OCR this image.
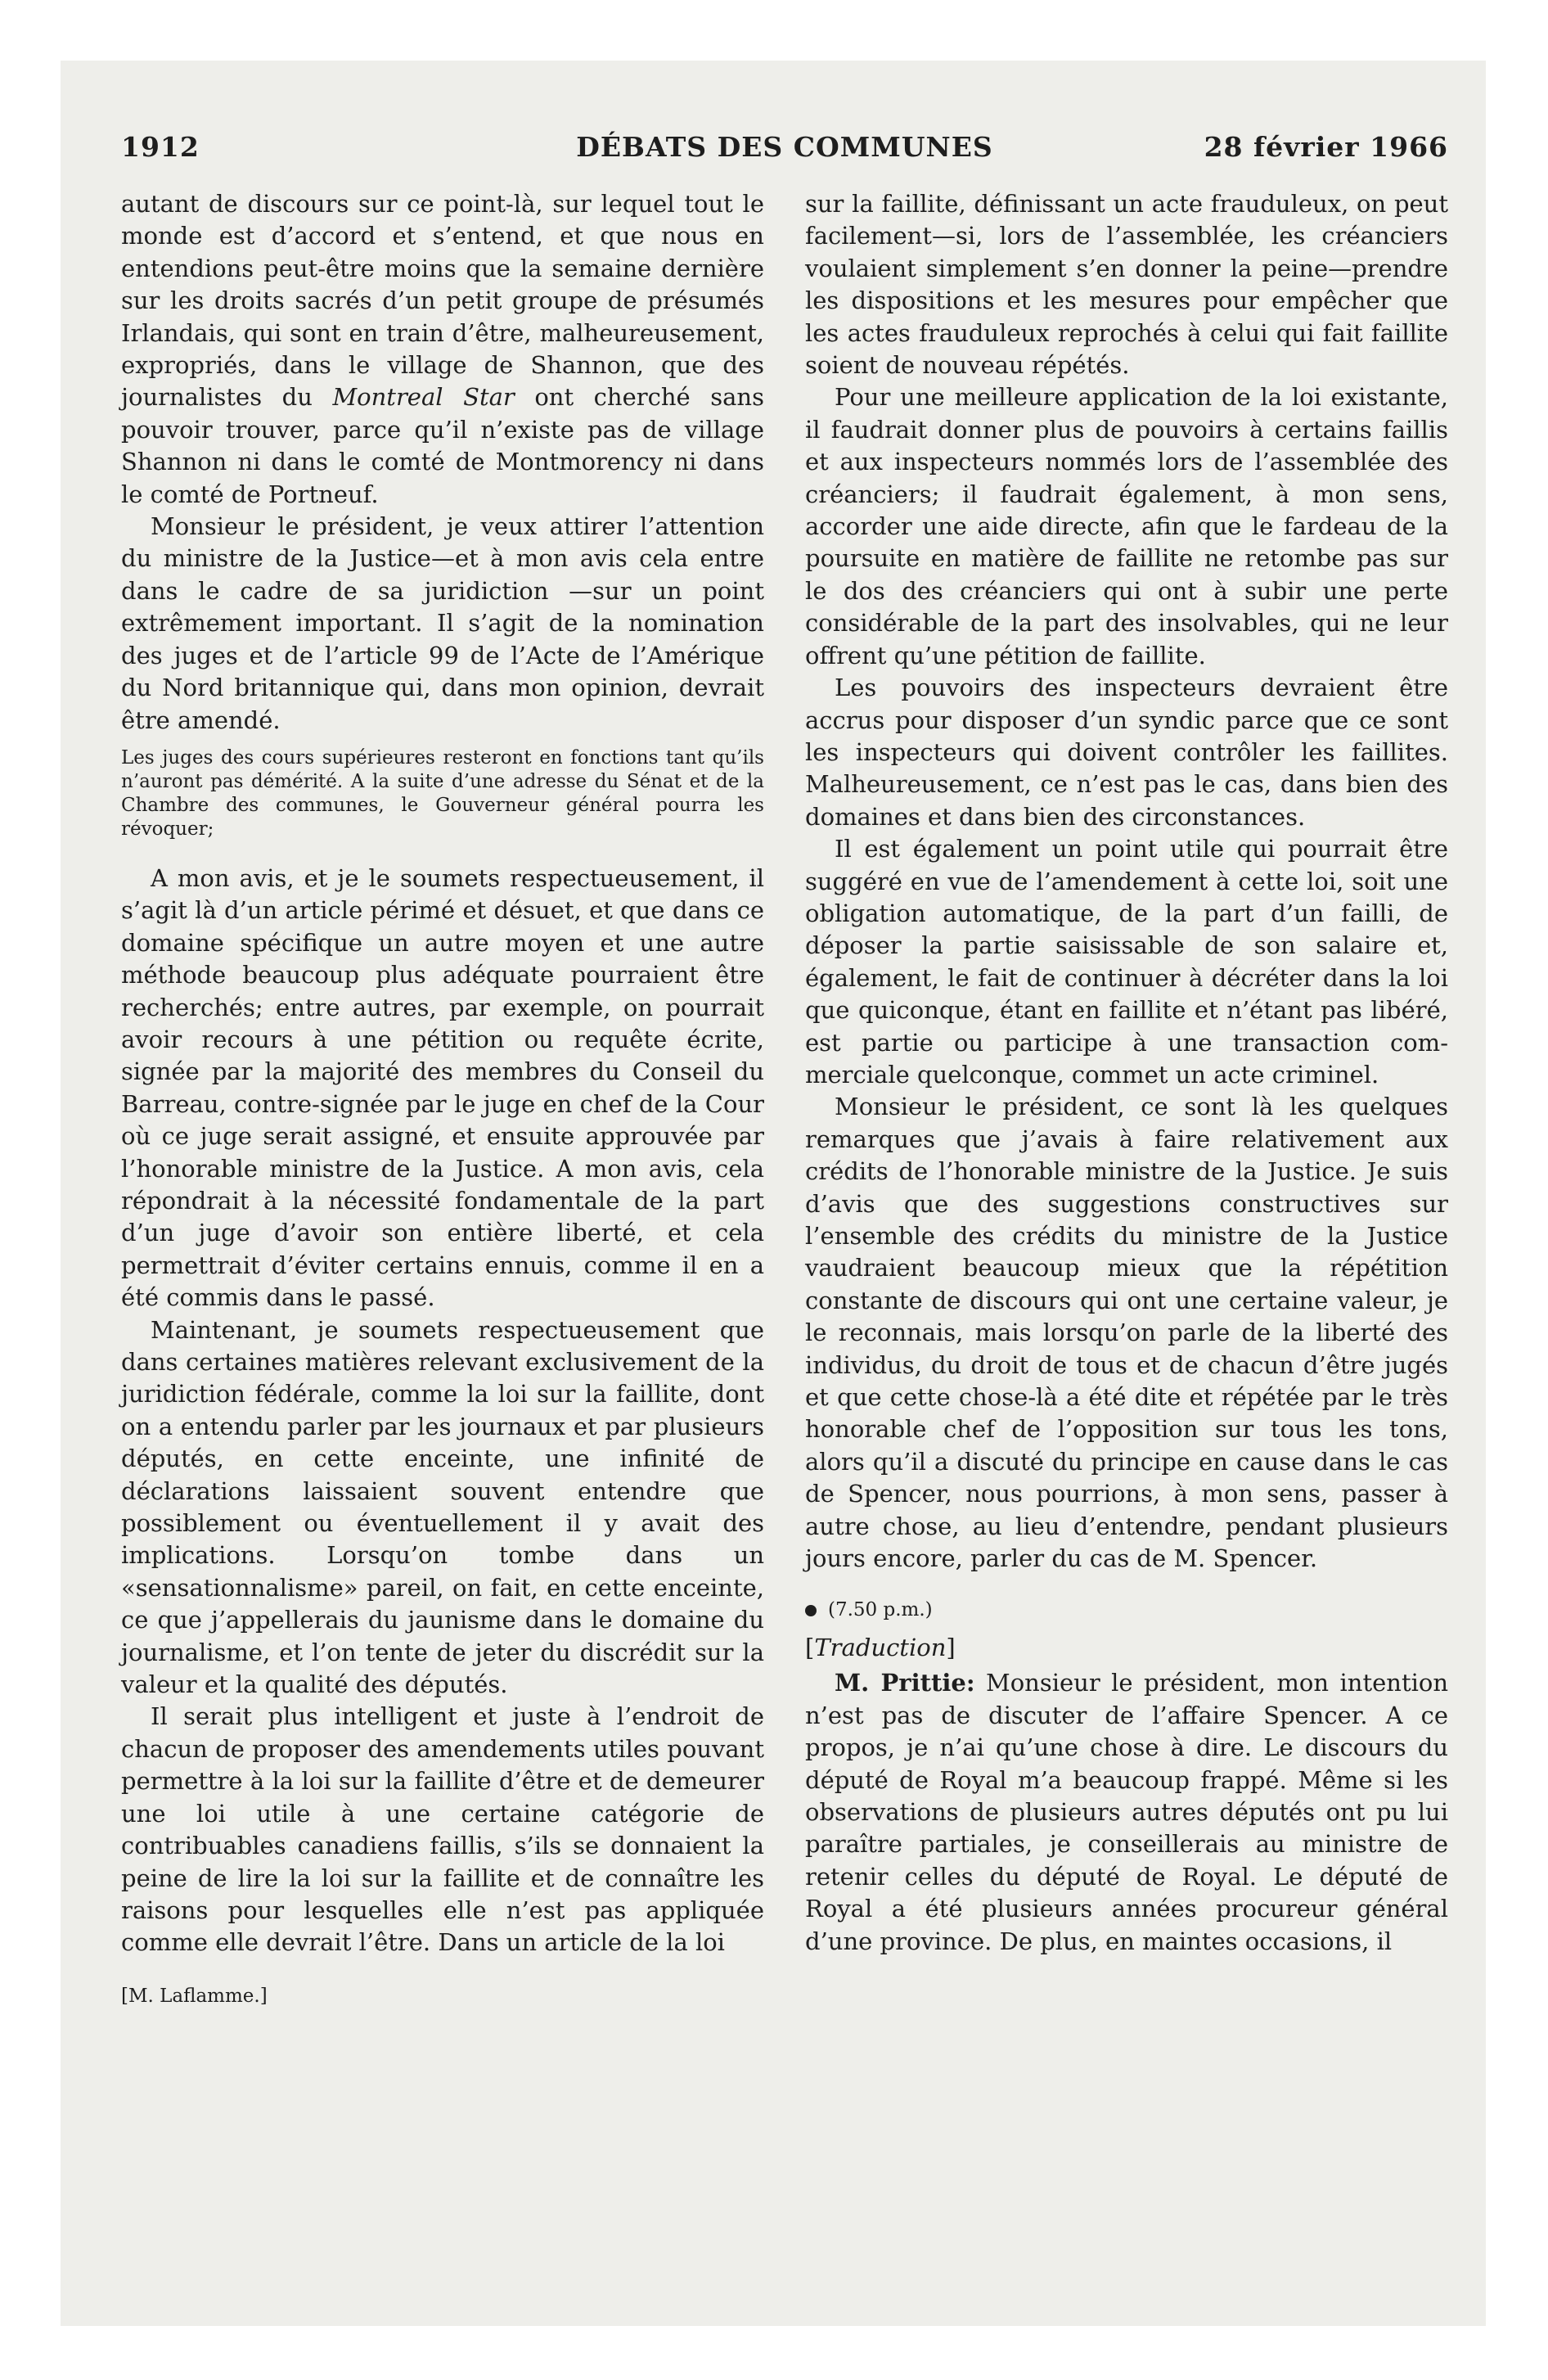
1912	DÉBATS DES COMMUNES	28 février 1966

autant de discours sur ce point-là, sur lequel tout le monde est d’accord et s’entend, et que nous en entendions peut-être moins que la semaine dernière sur les droits sacrés d’un petit groupe de présumés Irlandais, qui sont en train d’être, malheureusement, expropriés, dans le village de Shannon, que des journalistes du Montreal Star ont cherché sans pouvoir trouver, parce qu’il n’existe pas de village Shannon ni dans le comté de Montmorency ni dans le comté de Portneuf.

Monsieur le président, je veux attirer l’attention du ministre de la Justice—et à mon avis cela entre dans le cadre de sa juridiction —sur un point extrêmement important. Il s’agit de la nomination des juges et de l’article 99 de l’Acte de l’Amérique du Nord britannique qui, dans mon opinion, devrait être amendé.

Les juges des cours supérieures resteront en fonctions tant qu’ils n’auront pas démérité. A la suite d’une adresse du Sénat et de la Chambre des communes, le Gouverneur général pourra les révoquer;

A mon avis, et je le soumets respectueusement, il s’agit là d’un article périmé et désuet, et que dans ce domaine spécifique un autre moyen et une autre méthode beaucoup plus adéquate pourraient être recherchés; entre autres, par exemple, on pourrait avoir recours à une pétition ou requête écrite, signée par la majorité des membres du Conseil du Barreau, contre-signée par le juge en chef de la Cour où ce juge serait assigné, et ensuite approuvée par l’honorable ministre de la Justice. A mon avis, cela répondrait à la nécessité fondamentale de la part d’un juge d’avoir son entière liberté, et cela permettrait d’éviter certains ennuis, comme il en a été commis dans le passé.

Maintenant, je soumets respectueusement que dans certaines matières relevant exclusivement de la juridiction fédérale, comme la loi sur la faillite, dont on a entendu parler par les journaux et par plusieurs députés, en cette enceinte, une infinité de déclarations laissaient souvent entendre que possiblement ou éventuellement il y avait des implications. Lorsqu’on tombe dans un «sensationnalisme» pareil, on fait, en cette enceinte, ce que j’appellerais du jaunisme dans le domaine du journalisme, et l’on tente de jeter du discrédit sur la valeur et la qualité des députés.

Il serait plus intelligent et juste à l’endroit de chacun de proposer des amendements utiles pouvant permettre à la loi sur la faillite d’être et de demeurer une loi utile à une certaine catégorie de contribuables canadiens faillis, s’ils se donnaient la peine de lire la loi sur la faillite et de connaître les raisons pour lesquelles elle n’est pas appliquée comme elle devrait l’être. Dans un article de la loi

[M. Laflamme.]

sur la faillite, définissant un acte frauduleux, on peut facilement—si, lors de l’assemblée, les créanciers voulaient simplement s’en donner la peine—prendre les dispositions et les mesures pour empêcher que les actes frauduleux reprochés à celui qui fait faillite soient de nouveau répétés.

Pour une meilleure application de la loi existante, il faudrait donner plus de pouvoirs à certains faillis et aux inspecteurs nommés lors de l’assemblée des créanciers; il faudrait également, à mon sens, accorder une aide directe, afin que le fardeau de la poursuite en matière de faillite ne retombe pas sur le dos des créanciers qui ont à subir une perte considérable de la part des insolvables, qui ne leur offrent qu’une pétition de faillite.

Les pouvoirs des inspecteurs devraient être accrus pour disposer d’un syndic parce que ce sont les inspecteurs qui doivent contrôler les faillites. Malheureusement, ce n’est pas le cas, dans bien des domaines et dans bien des circonstances.

Il est également un point utile qui pourrait être suggéré en vue de l’amendement à cette loi, soit une obligation automatique, de la part d’un failli, de déposer la partie saisissable de son salaire et, également, le fait de continuer à décréter dans la loi que quiconque, étant en faillite et n’étant pas libéré, est partie ou participe à une transaction commerciale quelconque, commet un acte criminel.

Monsieur le président, ce sont là les quelques remarques que j’avais à faire relativement aux crédits de l’honorable ministre de la Justice. Je suis d’avis que des suggestions constructives sur l’ensemble des crédits du ministre de la Justice vaudraient beaucoup mieux que la répétition constante de discours qui ont une certaine valeur, je le reconnais, mais lorsqu’on parle de la liberté des individus, du droit de tous et de chacun d’être jugés et que cette chose-là a été dite et répétée par le très honorable chef de l’opposition sur tous les tons, alors qu’il a discuté du principe en cause dans le cas de Spencer, nous pourrions, à mon sens, passer à autre chose, au lieu d’entendre, pendant plusieurs jours encore, parler du cas de M. Spencer.

(7.50 p.m.)

[Traduction]

M. Prittie: Monsieur le président, mon intention n’est pas de discuter de l’affaire Spencer. A ce propos, je n’ai qu’une chose à dire. Le discours du député de Royal m’a beaucoup frappé. Même si les observations de plusieurs autres députés ont pu lui paraître partiales, je conseillerais au ministre de retenir celles du député de Royal. Le député de Royal a été plusieurs années procureur général d’une province. De plus, en maintes occasions, il
